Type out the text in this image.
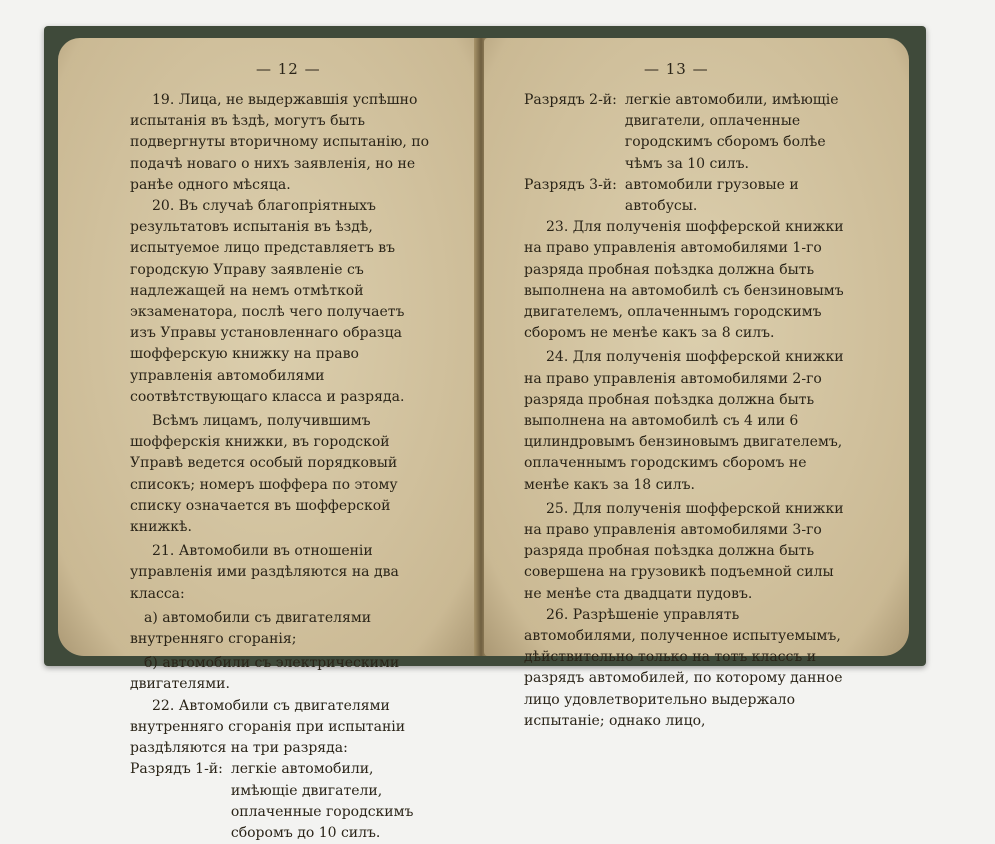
— 12 —

19. Лица, не выдержавшія успѣшно испытанія въ ѣздѣ, могутъ быть подвергнуты вторичному испытанію, по подачѣ новаго о нихъ заявленія, но не ранѣе одного мѣсяца.

20. Въ случаѣ благопріятныхъ результатовъ испытанія въ ѣздѣ, испытуемое лицо представляетъ въ городскую Управу заявленіе съ надлежащей на немъ отмѣткой экзаменатора, послѣ чего получаетъ изъ Управы установленнаго образца шофферскую книжку на право управленія автомобилями соотвѣтствующаго класса и разряда.

Всѣмъ лицамъ, получившимъ шофферскія книжки, въ городской Управѣ ведется особый порядковый списокъ; номеръ шоффера по этому списку означается въ шофферской книжкѣ.

21. Автомобили въ отношеніи управленія ими раздѣляются на два класса:

а) автомобили съ двигателями внутренняго сгоранія;

б) автомобили съ электрическими двигателями.

22. Автомобили съ двигателями внутренняго сгоранія при испытаніи раздѣляются на три разряда:

Разрядъ 1-й: легкіе автомобили, имѣющіе двигатели, оплаченные городскимъ сборомъ до 10 силъ.
— 13 —
Разрядъ 2-й: легкіе автомобили, имѣющіе двигатели, оплаченные городскимъ сборомъ болѣе чѣмъ за 10 силъ.
Разрядъ 3-й: автомобили грузовые и автобусы.

23. Для полученія шофферской книжки на право управленія автомобилями 1-го разряда пробная поѣздка должна быть выполнена на автомобилѣ съ бензиновымъ двигателемъ, оплаченнымъ городскимъ сборомъ не менѣе какъ за 8 силъ.

24. Для полученія шофферской книжки на право управленія автомобилями 2-го разряда пробная поѣздка должна быть выполнена на автомобилѣ съ 4 или 6 цилиндровымъ бензиновымъ двигателемъ, оплаченнымъ городскимъ сборомъ не менѣе какъ за 18 силъ.

25. Для полученія шофферской книжки на право управленія автомобилями 3-го разряда пробная поѣздка должна быть совершена на грузовикѣ подъемной силы не менѣе ста двадцати пудовъ.

26. Разрѣшеніе управлять автомобилями, полученное испытуемымъ, дѣйствительно только на тотъ классъ и разрядъ автомобилей, по которому данное лицо удовлетворительно выдержало испытаніе; однако лицо,
